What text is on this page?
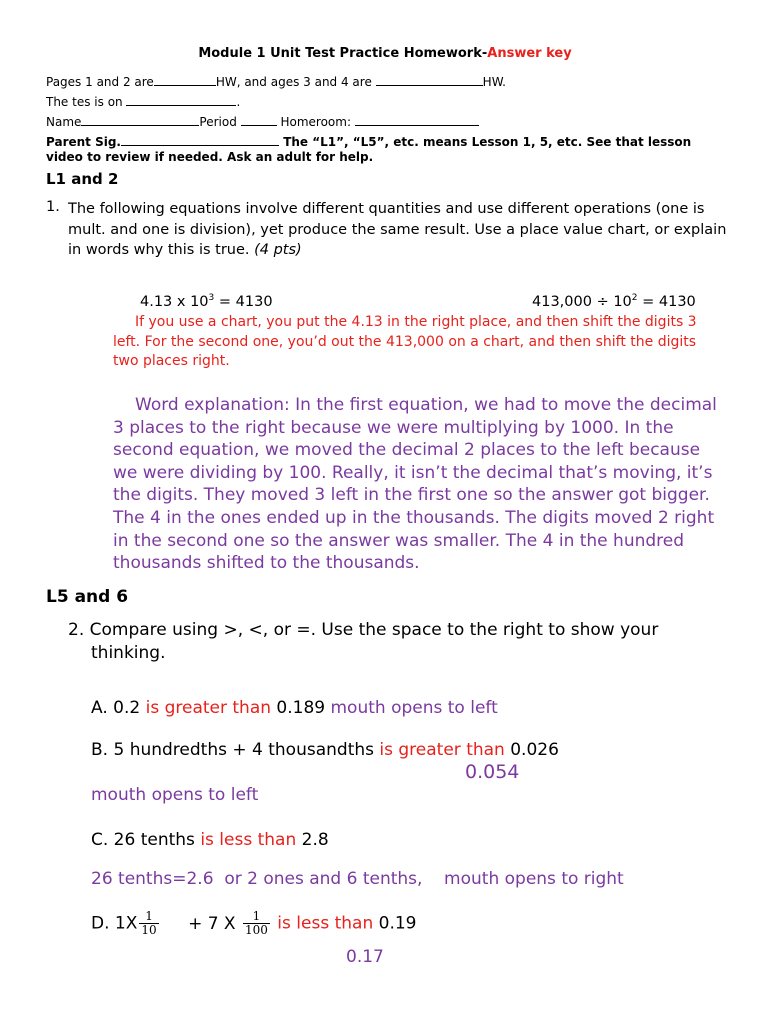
Module 1 Unit Test Practice Homework-Answer key
Pages 1 and 2 are	HW, and ages 3 and 4 are	HW.
The tes is on	.
Name	Period	Homeroom:
Parent Sig.	The “L1”, “L5”, etc. means Lesson 1, 5, etc. See that lesson
video to review if needed. Ask an adult for help.
L1 and 2
1. The following equations involve different quantities and use different operations (one is mult. and one is division), yet produce the same result. Use a place value chart, or explain in words why this is true. (4 pts)
4.13 x $10^3 = 4130$	$413,000 \div 10^2 = 4130$
If you use a chart, you put the 4.13 in the right place, and then shift the digits 3 left. For the second one, you’d out the 413,000 on a chart, and then shift the digits two places right.
Word explanation: In the first equation, we had to move the decimal 3 places to the right because we were multiplying by 1000. In the second equation, we moved the decimal 2 places to the left because we were dividing by 100. Really, it isn’t the decimal that’s moving, it’s the digits. They moved 3 left in the first one so the answer got bigger. The 4 in the ones ended up in the thousands. The digits moved 2 right in the second one so the answer was smaller. The 4 in the hundred thousands shifted to the thousands.
L5 and 6
2. Compare using >, <, or =. Use the space to the right to show your
thinking.
A. 0.2 is greater than 0.189 mouth opens to left
B. 5 hundredths + 4 thousandths is greater than 0.026
0.054
mouth opens to left
C. 26 tenths is less than 2.8
26 tenths=2.6  or 2 ones and 6 tenths,    mouth opens to right
D. $1X \frac{1}{10} + 7$ X $\frac{1}{100}$ is less than 0.19
0.17
